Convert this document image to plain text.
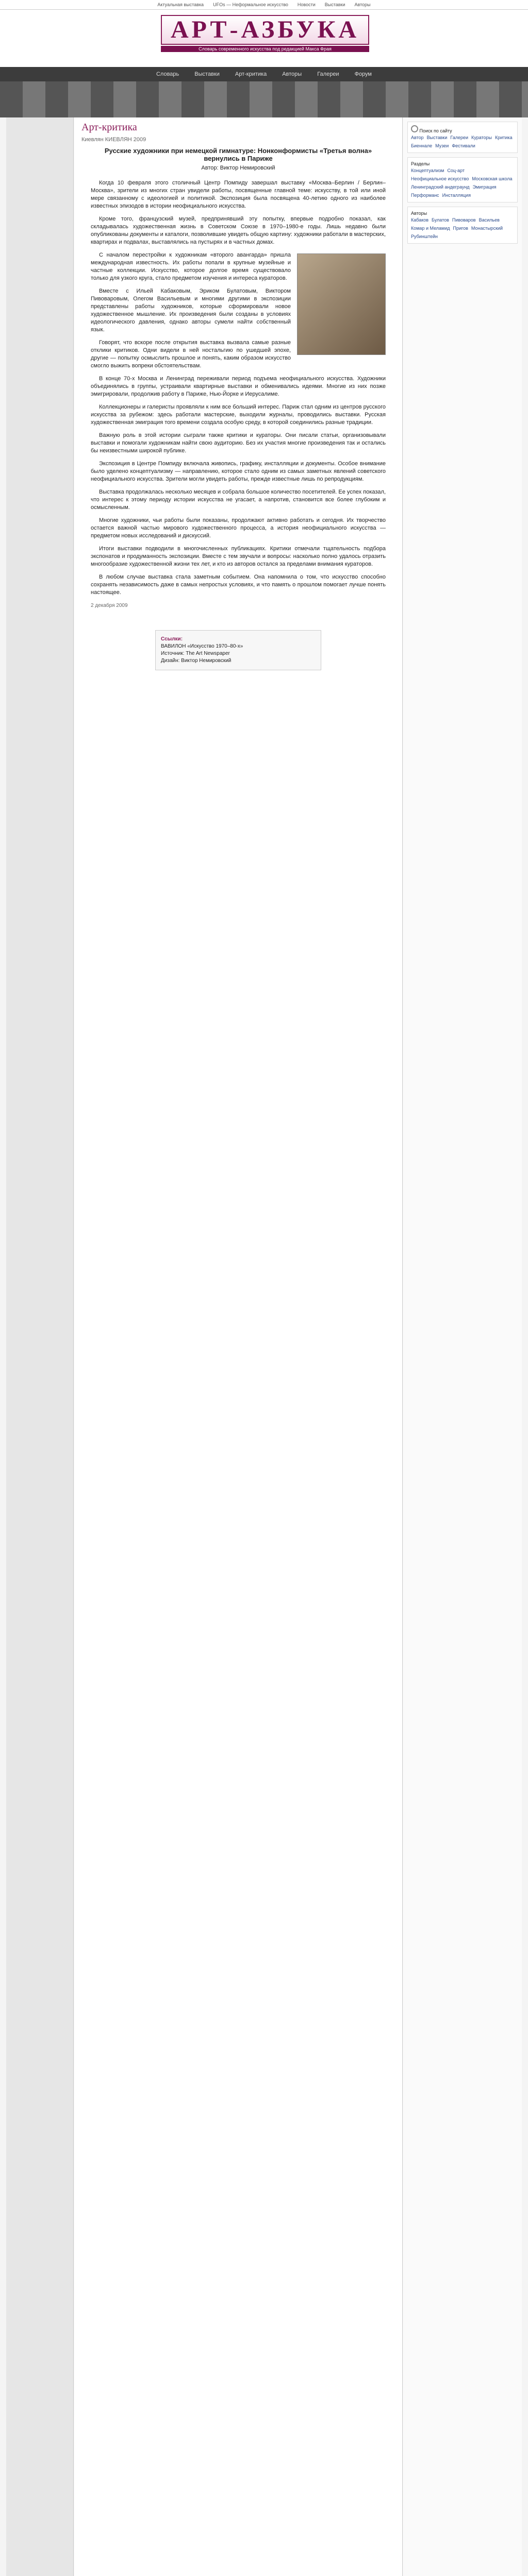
Актуальная выставка UFOs — Неформальное искусство Новости Выставки Авторы
АРТ-АЗБУКА
Словарь современного искусства под редакцией Макса Фрая
Словарь	Выставки	Арт-критика	Авторы	Галереи	Форум
Арт-критика
Киевлян КИЕВЛЯН 2009
Русские художники при немецкой гимнатуре: Нонконформисты «Третья волна» вернулись в Париже
Автор: Виктор Немировский

Когда 10 февраля этого столичный Центр Помпиду завершал выставку «Москва–Берлин / Берлин–Москва», зрители из многих стран увидели работы, посвященные главной теме: искусству, в той или иной мере связанному с идеологией и политикой. Экспозиция была посвящена 40-летию одного из наиболее известных эпизодов в истории неофициального искусства.

Кроме того, французский музей, предпринявший эту попытку, впервые подробно показал, как складывалась художественная жизнь в Советском Союзе в 1970–1980-е годы. Лишь недавно были опубликованы документы и каталоги, позволившие увидеть общую картину: художники работали в мастерских, квартирах и подвалах, выставлялись на пустырях и в частных домах.

С началом перестройки к художникам «второго авангарда» пришла международная известность. Их работы попали в крупные музейные и частные коллекции. Искусство, которое долгое время существовало только для узкого круга, стало предметом изучения и интереса кураторов.

Вместе с Ильей Кабаковым, Эриком Булатовым, Виктором Пивоваровым, Олегом Васильевым и многими другими в экспозиции представлены работы художников, которые сформировали новое художественное мышление. Их произведения были созданы в условиях идеологического давления, однако авторы сумели найти собственный язык.

Говорят, что вскоре после открытия выставка вызвала самые разные отклики критиков. Одни видели в ней ностальгию по ушедшей эпохе, другие — попытку осмыслить прошлое и понять, каким образом искусство смогло выжить вопреки обстоятельствам.

В конце 70-х Москва и Ленинград переживали период подъема неофициального искусства. Художники объединялись в группы, устраивали квартирные выставки и обменивались идеями. Многие из них позже эмигрировали, продолжив работу в Париже, Нью-Йорке и Иерусалиме.

Коллекционеры и галеристы проявляли к ним все больший интерес. Париж стал одним из центров русского искусства за рубежом: здесь работали мастерские, выходили журналы, проводились выставки. Русская художественная эмиграция того времени создала особую среду, в которой соединились разные традиции.

Важную роль в этой истории сыграли также критики и кураторы. Они писали статьи, организовывали выставки и помогали художникам найти свою аудиторию. Без их участия многие произведения так и остались бы неизвестными широкой публике.

Экспозиция в Центре Помпиду включала живопись, графику, инсталляции и документы. Особое внимание было уделено концептуализму — направлению, которое стало одним из самых заметных явлений советского неофициального искусства. Зрители могли увидеть работы, прежде известные лишь по репродукциям.

Выставка продолжалась несколько месяцев и собрала большое количество посетителей. Ее успех показал, что интерес к этому периоду истории искусства не угасает, а напротив, становится все более глубоким и осмысленным.

Многие художники, чьи работы были показаны, продолжают активно работать и сегодня. Их творчество остается важной частью мирового художественного процесса, а история неофициального искусства — предметом новых исследований и дискуссий.

Итоги выставки подводили в многочисленных публикациях. Критики отмечали тщательность подбора экспонатов и продуманность экспозиции. Вместе с тем звучали и вопросы: насколько полно удалось отразить многообразие художественной жизни тех лет, и кто из авторов остался за пределами внимания кураторов.

В любом случае выставка стала заметным событием. Она напомнила о том, что искусство способно сохранять независимость даже в самых непростых условиях, и что память о прошлом помогает лучше понять настоящее.

2 декабря 2009
Ссылки:
ВАВИЛОН «Искусство 1970–80-х»
Источник: The Art Newspaper
Дизайн: Виктор Немировский
Поиск по сайту
Автор Выставки Галереи Кураторы Критика
Биеннале Музеи Фестивали
Разделы
Концептуализм Соц-арт
Неофициальное искусство Московская школа
Ленинградский андеграунд Эмиграция
Перформанс Инсталляция
Авторы
Кабаков Булатов Пивоваров Васильев
Комар и Меламид Пригов Монастырский
Рубинштейн
